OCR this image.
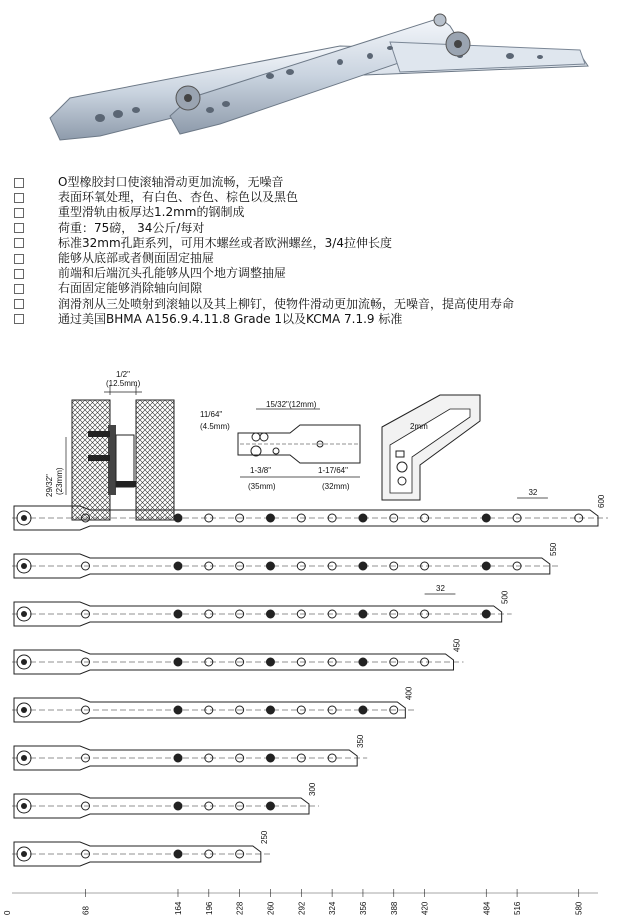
O型橡胶封口使滚轴滑动更加流畅，无噪音
表面环氧处理，有白色、杏色、棕色以及黑色
重型滑轨由板厚达1.2mm的钢制成
荷重：75磅， 34公斤/每对
标准32mm孔距系列，可用木螺丝或者欧洲螺丝，3/4拉伸长度
能够从底部或者侧面固定抽屉
前端和后端沉头孔能够从四个地方调整抽屉
右面固定能够消除轴向间隙
润滑剂从三处喷射到滚轴以及其上柳钉，使物件滑动更加流畅，无噪音，提高使用寿命
通过美国BHMA A156.9.4.11.8 Grade 1以及KCMA 7.1.9 标准
1/2"
(12.5mm)
29/32" (23mm)
11/64"
(4.5mm)
15/32"(12mm)
1-3/8"
(35mm)
1-17/64"
(32mm)
2mm
600
550
500
450
400
350
300
250
32
32
0	68	164	196	228	260	292	324	356	388	420	484	516	580
